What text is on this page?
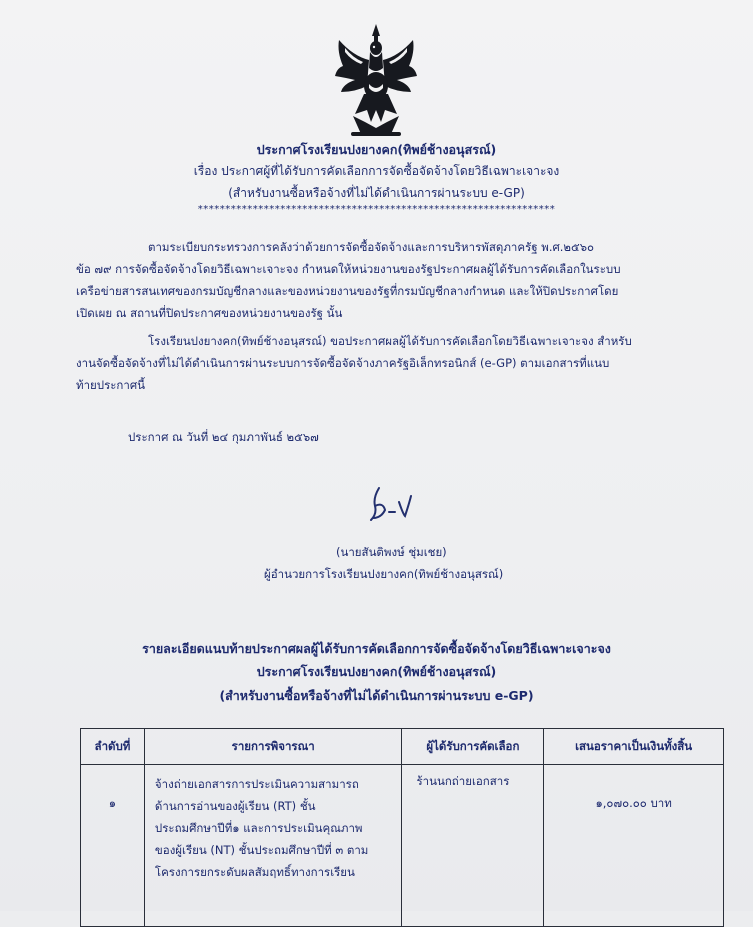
ประกาศโรงเรียนปงยางคก(ทิพย์ช้างอนุสรณ์)
เรื่อง ประกาศผู้ที่ได้รับการคัดเลือกการจัดซื้อจัดจ้างโดยวิธีเฉพาะเจาะจง
(สำหรับงานซื้อหรือจ้างที่ไม่ได้ดำเนินการผ่านระบบ e-GP)
*****************************************************************
ตามระเบียบกระทรวงการคลังว่าด้วยการจัดซื้อจัดจ้างและการบริหารพัสดุภาครัฐ พ.ศ.๒๕๖๐
ข้อ ๗๙ การจัดซื้อจัดจ้างโดยวิธีเฉพาะเจาะจง กำหนดให้หน่วยงานของรัฐประกาศผลผู้ได้รับการคัดเลือกในระบบ
เครือข่ายสารสนเทศของกรมบัญชีกลางและของหน่วยงานของรัฐที่กรมบัญชีกลางกำหนด และให้ปิดประกาศโดย
เปิดเผย ณ สถานที่ปิดประกาศของหน่วยงานของรัฐ นั้น
โรงเรียนปงยางคก(ทิพย์ช้างอนุสรณ์) ขอประกาศผลผู้ได้รับการคัดเลือกโดยวิธีเฉพาะเจาะจง สำหรับ
งานจัดซื้อจัดจ้างที่ไม่ได้ดำเนินการผ่านระบบการจัดซื้อจัดจ้างภาครัฐอิเล็กทรอนิกส์ (e-GP) ตามเอกสารที่แนบ
ท้ายประกาศนี้
ประกาศ ณ วันที่ ๒๔ กุมภาพันธ์ ๒๕๖๗
(นายสันติพงษ์ ชุ่มเชย)
ผู้อำนวยการโรงเรียนปงยางคก(ทิพย์ช้างอนุสรณ์)
รายละเอียดแนบท้ายประกาศผลผู้ได้รับการคัดเลือกการจัดซื้อจัดจ้างโดยวิธีเฉพาะเจาะจง
ประกาศโรงเรียนปงยางคก(ทิพย์ช้างอนุสรณ์)
(สำหรับงานซื้อหรือจ้างที่ไม่ได้ดำเนินการผ่านระบบ e-GP)
ลำดับที่	รายการพิจารณา	ผู้ได้รับการคัดเลือก	เสนอราคาเป็นเงินทั้งสิ้น

๑	จ้างถ่ายเอกสารการประเมินความสามารถ
ด้านการอ่านของผู้เรียน (RT) ชั้น
ประถมศึกษาปีที่๑ และการประเมินคุณภาพ
ของผู้เรียน (NT) ชั้นประถมศึกษาปีที่ ๓ ตาม
โครงการยกระดับผลสัมฤทธิ์ทางการเรียน	ร้านนกถ่ายเอกสาร	๑,๐๗๐.๐๐ บาท
